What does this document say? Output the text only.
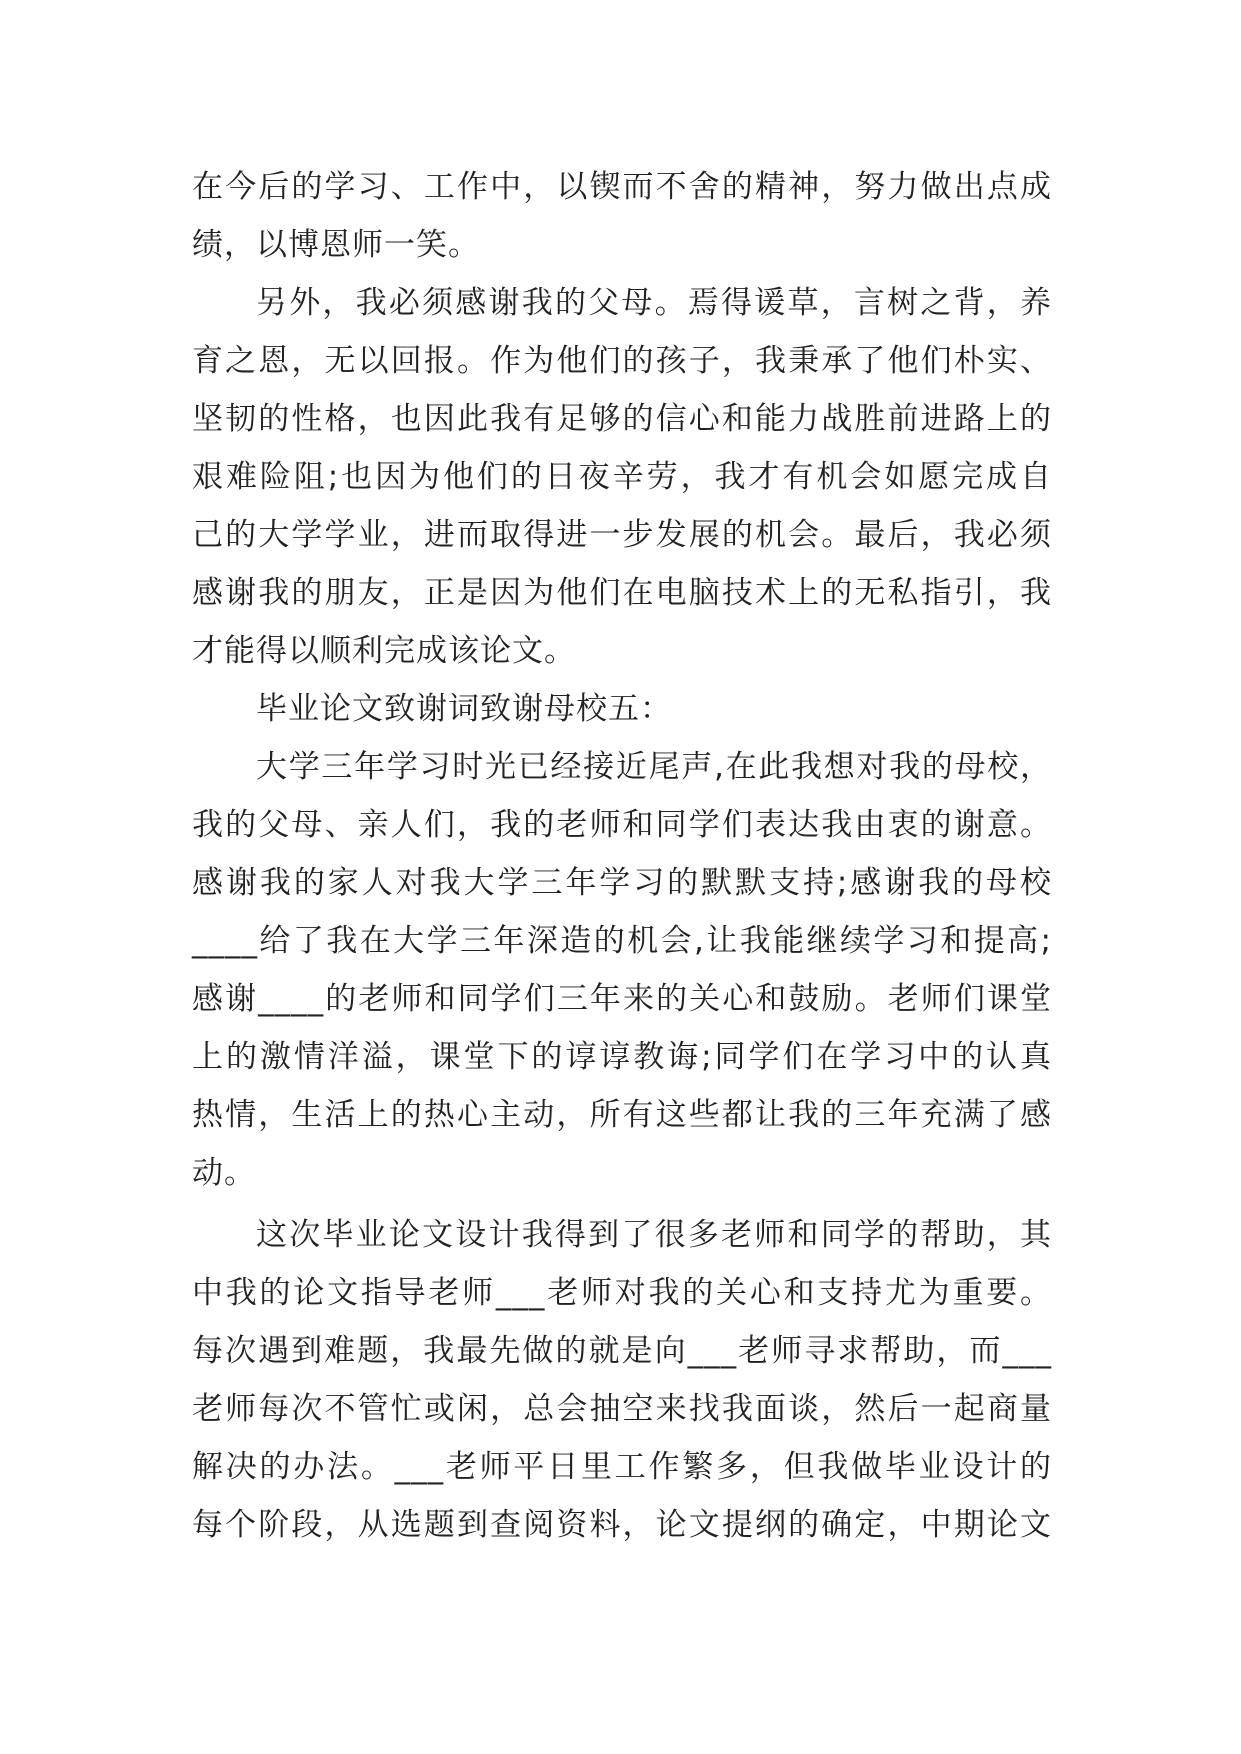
在今后的学习、工作中，以锲而不舍的精神，努力做出点成
绩，以博恩师一笑。
另外，我必须感谢我的父母。焉得谖草，言树之背，养
育之恩，无以回报。作为他们的孩子，我秉承了他们朴实、
坚韧的性格，也因此我有足够的信心和能力战胜前进路上的
艰难险阻;也因为他们的日夜辛劳，我才有机会如愿完成自
己的大学学业，进而取得进一步发展的机会。最后，我必须
感谢我的朋友，正是因为他们在电脑技术上的无私指引，我
才能得以顺利完成该论文。
毕业论文致谢词致谢母校五：
大学三年学习时光已经接近尾声,在此我想对我的母校，
我的父母、亲人们，我的老师和同学们表达我由衷的谢意。
感谢我的家人对我大学三年学习的默默支持;感谢我的母校
____给了我在大学三年深造的机会,让我能继续学习和提高;
感谢____的老师和同学们三年来的关心和鼓励。老师们课堂
上的激情洋溢，课堂下的谆谆教诲;同学们在学习中的认真
热情，生活上的热心主动，所有这些都让我的三年充满了感
动。
这次毕业论文设计我得到了很多老师和同学的帮助，其
中我的论文指导老师___老师对我的关心和支持尤为重要。
每次遇到难题，我最先做的就是向___老师寻求帮助，而___
老师每次不管忙或闲，总会抽空来找我面谈，然后一起商量
解决的办法。___老师平日里工作繁多，但我做毕业设计的
每个阶段，从选题到查阅资料，论文提纲的确定，中期论文
